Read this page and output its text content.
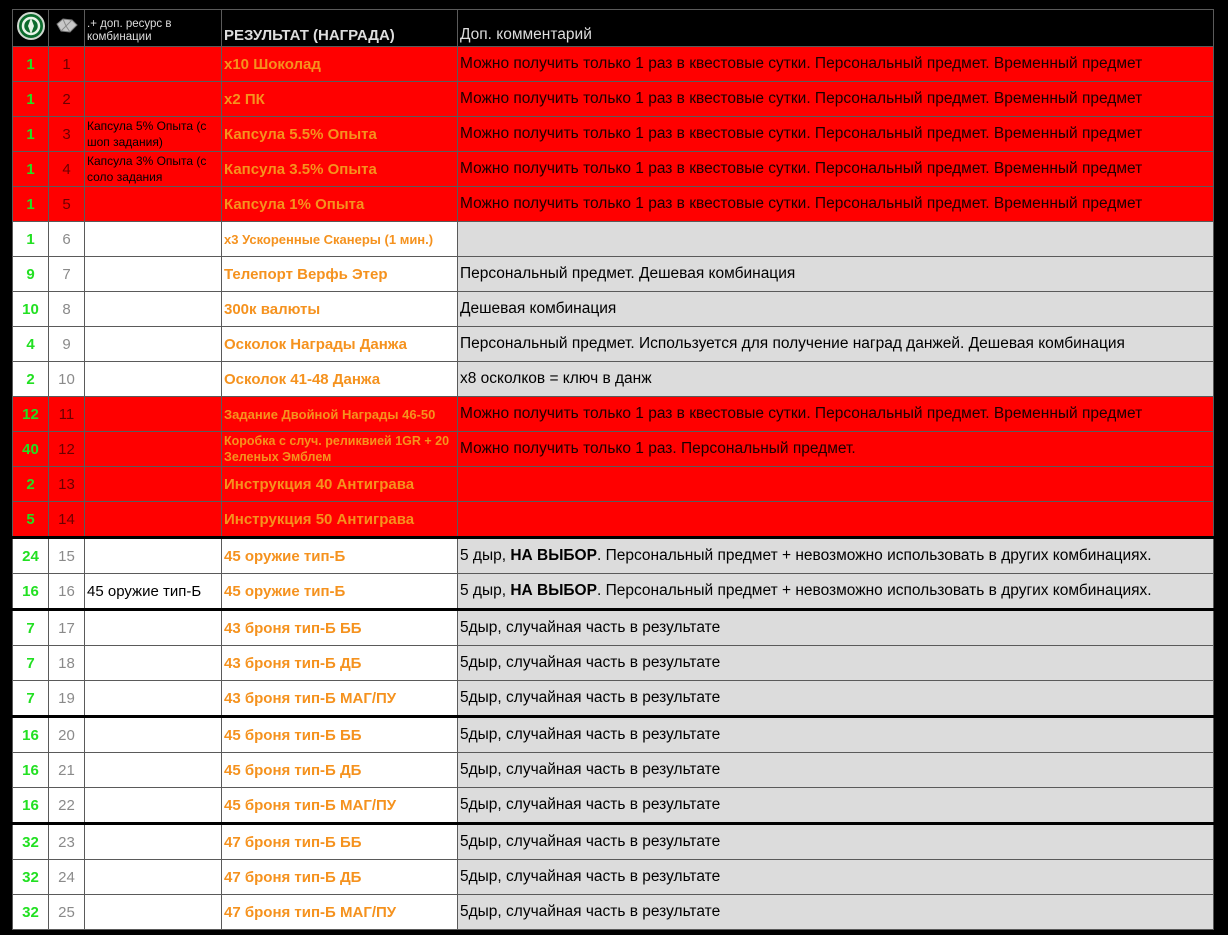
		.+ доп. ресурс в комбинации	РЕЗУЛЬТАТ (НАГРАДА)	Доп. комментарий
1	1		x10 Шоколад	Можно получить только 1 раз в квестовые сутки. Персональный предмет. Временный предмет
1	2		x2 ПК	Можно получить только 1 раз в квестовые сутки. Персональный предмет. Временный предмет
1	3	Капсула 5% Опыта (с шоп задания)	Капсула 5.5% Опыта	Можно получить только 1 раз в квестовые сутки. Персональный предмет. Временный предмет
1	4	Капсула 3% Опыта (с соло задания	Капсула 3.5% Опыта	Можно получить только 1 раз в квестовые сутки. Персональный предмет. Временный предмет
1	5		Капсула 1% Опыта	Можно получить только 1 раз в квестовые сутки. Персональный предмет. Временный предмет
1	6		x3 Ускоренные Сканеры (1 мин.)	
9	7		Телепорт Верфь Этер	Персональный предмет. Дешевая комбинация
10	8		300к валюты	Дешевая комбинация
4	9		Осколок Награды Данжа	Персональный предмет. Используется для получение наград данжей. Дешевая комбинация
2	10		Осколок 41-48 Данжа	x8 осколков = ключ в данж
12	11		Задание Двойной Награды 46-50	Можно получить только 1 раз в квестовые сутки. Персональный предмет. Временный предмет
40	12		Коробка с случ. реликвией 1GR + 20 Зеленых Эмблем	Можно получить только 1 раз. Персональный предмет.
2	13		Инструкция 40 Антиграва	
5	14		Инструкция 50 Антиграва	
24	15		45 оружие тип-Б	5 дыр, НА ВЫБОР. Персональный предмет + невозможно использовать в других комбинациях.
16	16	45 оружие тип-Б	45 оружие тип-Б	5 дыр, НА ВЫБОР. Персональный предмет + невозможно использовать в других комбинациях.
7	17		43 броня тип-Б ББ	5дыр, случайная часть в результате
7	18		43 броня тип-Б ДБ	5дыр, случайная часть в результате
7	19		43 броня тип-Б МАГ/ПУ	5дыр, случайная часть в результате
16	20		45 броня тип-Б ББ	5дыр, случайная часть в результате
16	21		45 броня тип-Б ДБ	5дыр, случайная часть в результате
16	22		45 броня тип-Б МАГ/ПУ	5дыр, случайная часть в результате
32	23		47 броня тип-Б ББ	5дыр, случайная часть в результате
32	24		47 броня тип-Б ДБ	5дыр, случайная часть в результате
32	25		47 броня тип-Б МАГ/ПУ	5дыр, случайная часть в результате
